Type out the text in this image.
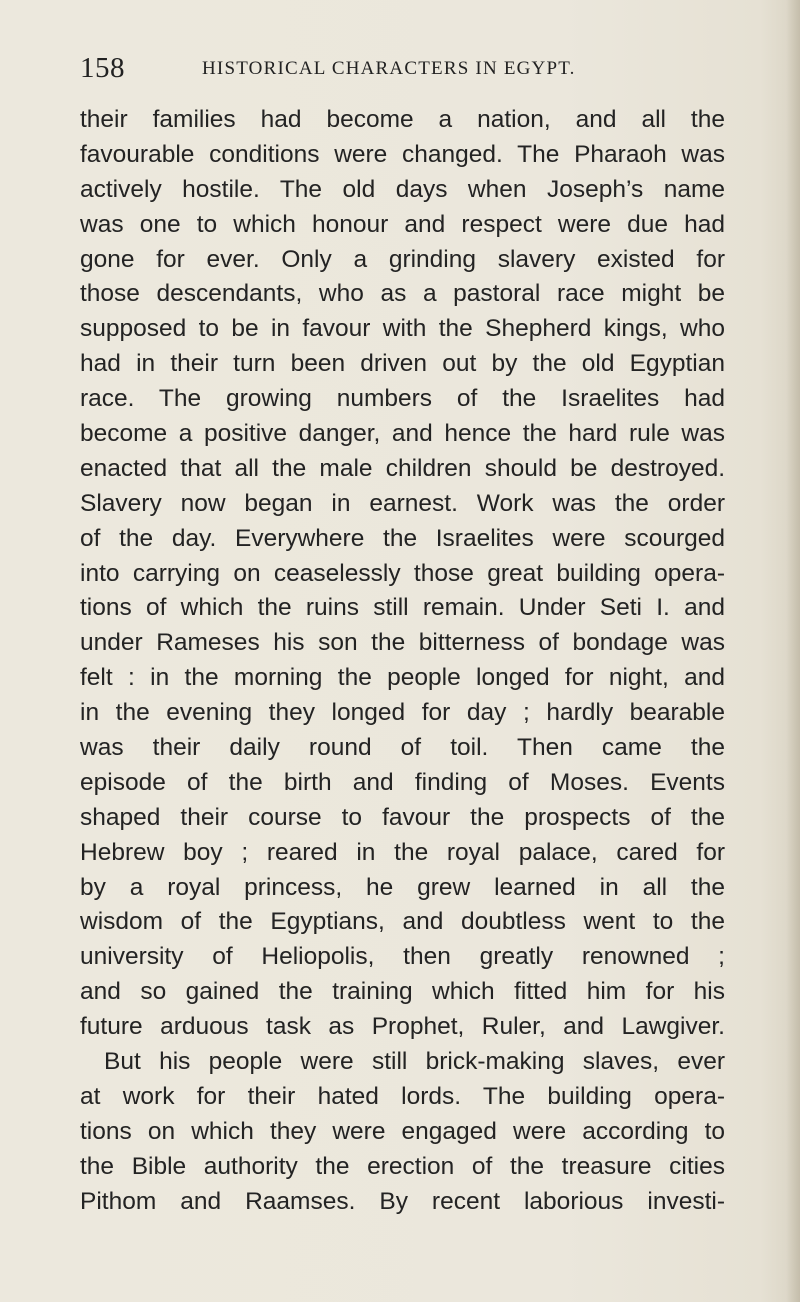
158	HISTORICAL CHARACTERS IN EGYPT.
their families had become a nation, and all the
favourable conditions were changed. The Pharaoh was
actively hostile. The old days when Joseph’s name
was one to which honour and respect were due had
gone for ever. Only a grinding slavery existed for
those descendants, who as a pastoral race might be
supposed to be in favour with the Shepherd kings, who
had in their turn been driven out by the old Egyptian
race. The growing numbers of the Israelites had
become a positive danger, and hence the hard rule was
enacted that all the male children should be destroyed.
Slavery now began in earnest. Work was the order
of the day. Everywhere the Israelites were scourged
into carrying on ceaselessly those great building opera-
tions of which the ruins still remain. Under Seti I. and
under Rameses his son the bitterness of bondage was
felt : in the morning the people longed for night, and
in the evening they longed for day ; hardly bearable
was their daily round of toil. Then came the
episode of the birth and finding of Moses. Events
shaped their course to favour the prospects of the
Hebrew boy ; reared in the royal palace, cared for
by a royal princess, he grew learned in all the
wisdom of the Egyptians, and doubtless went to the
university of Heliopolis, then greatly renowned ;
and so gained the training which fitted him for his
future arduous task as Prophet, Ruler, and Lawgiver.
But his people were still brick-making slaves, ever
at work for their hated lords. The building opera-
tions on which they were engaged were according to
the Bible authority the erection of the treasure cities
Pithom and Raamses. By recent laborious investi-
